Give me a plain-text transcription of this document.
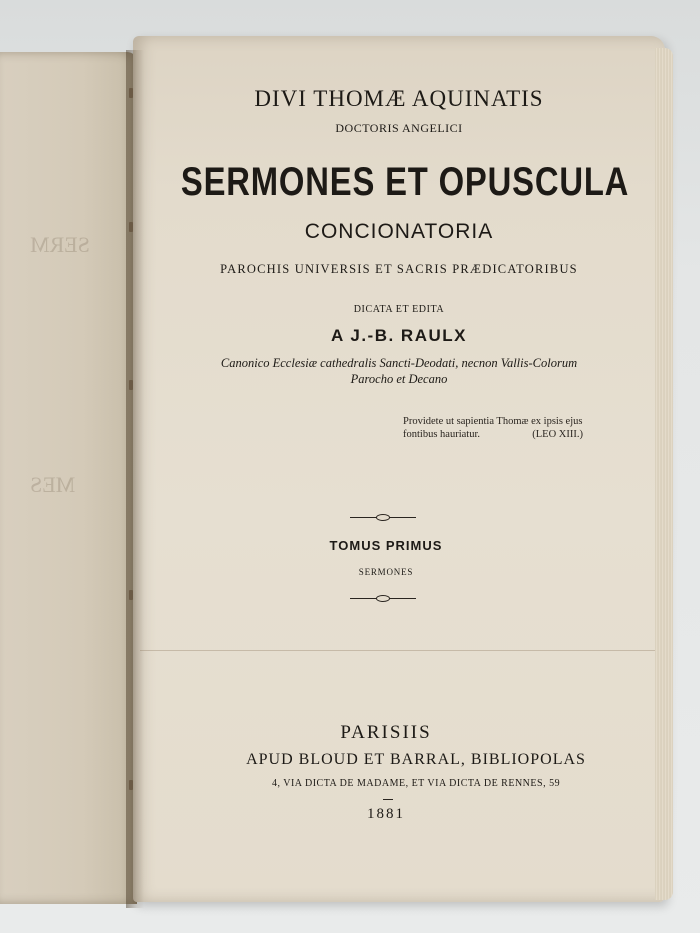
SERM
MES
DIVI THOMÆ AQUINATIS
DOCTORIS ANGELICI
SERMONES ET OPUSCULA
CONCIONATORIA
PAROCHIS UNIVERSIS ET SACRIS PRÆDICATORIBUS
DICATA ET EDITA
A J.-B. RAULX
Canonico Ecclesiæ cathedralis Sancti-Deodati, necnon Vallis-Colorum
Parocho et Decano
Providete ut sapientia Thomæ ex ipsis ejus
fontibus hauriatur.	(LEO XIII.)
TOMUS PRIMUS
SERMONES
PARISIIS
APUD BLOUD ET BARRAL, BIBLIOPOLAS
4, VIA DICTA DE MADAME, ET VIA DICTA DE RENNES, 59
1881
